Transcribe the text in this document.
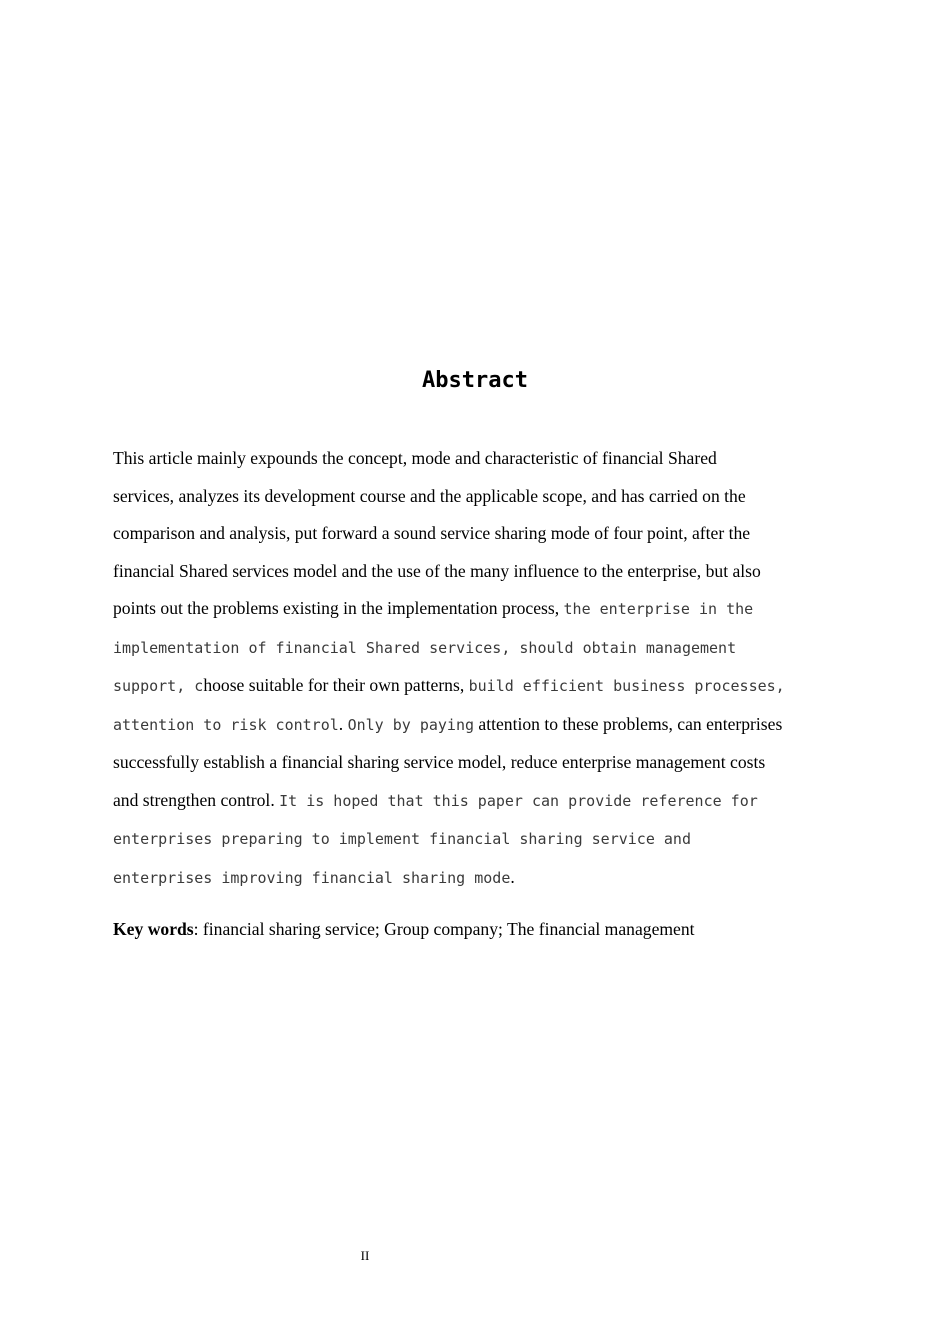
Abstract
This article mainly expounds the concept, mode and characteristic of financial Shared
services, analyzes its development course and the applicable scope, and has carried on the
comparison and analysis, put forward a sound service sharing mode of four point, after the
financial Shared services model and the use of the many influence to the enterprise, but also
points out the problems existing in the implementation process, the enterprise in the
implementation of financial Shared services, should obtain management
support, choose suitable for their own patterns, build efficient business processes,
attention to risk control. Only by paying attention to these problems, can enterprises
successfully establish a financial sharing service model, reduce enterprise management costs
and strengthen control. It is hoped that this paper can provide reference for
enterprises preparing to implement financial sharing service and
enterprises improving financial sharing mode.
Key words: financial sharing service; Group company; The financial management
II
